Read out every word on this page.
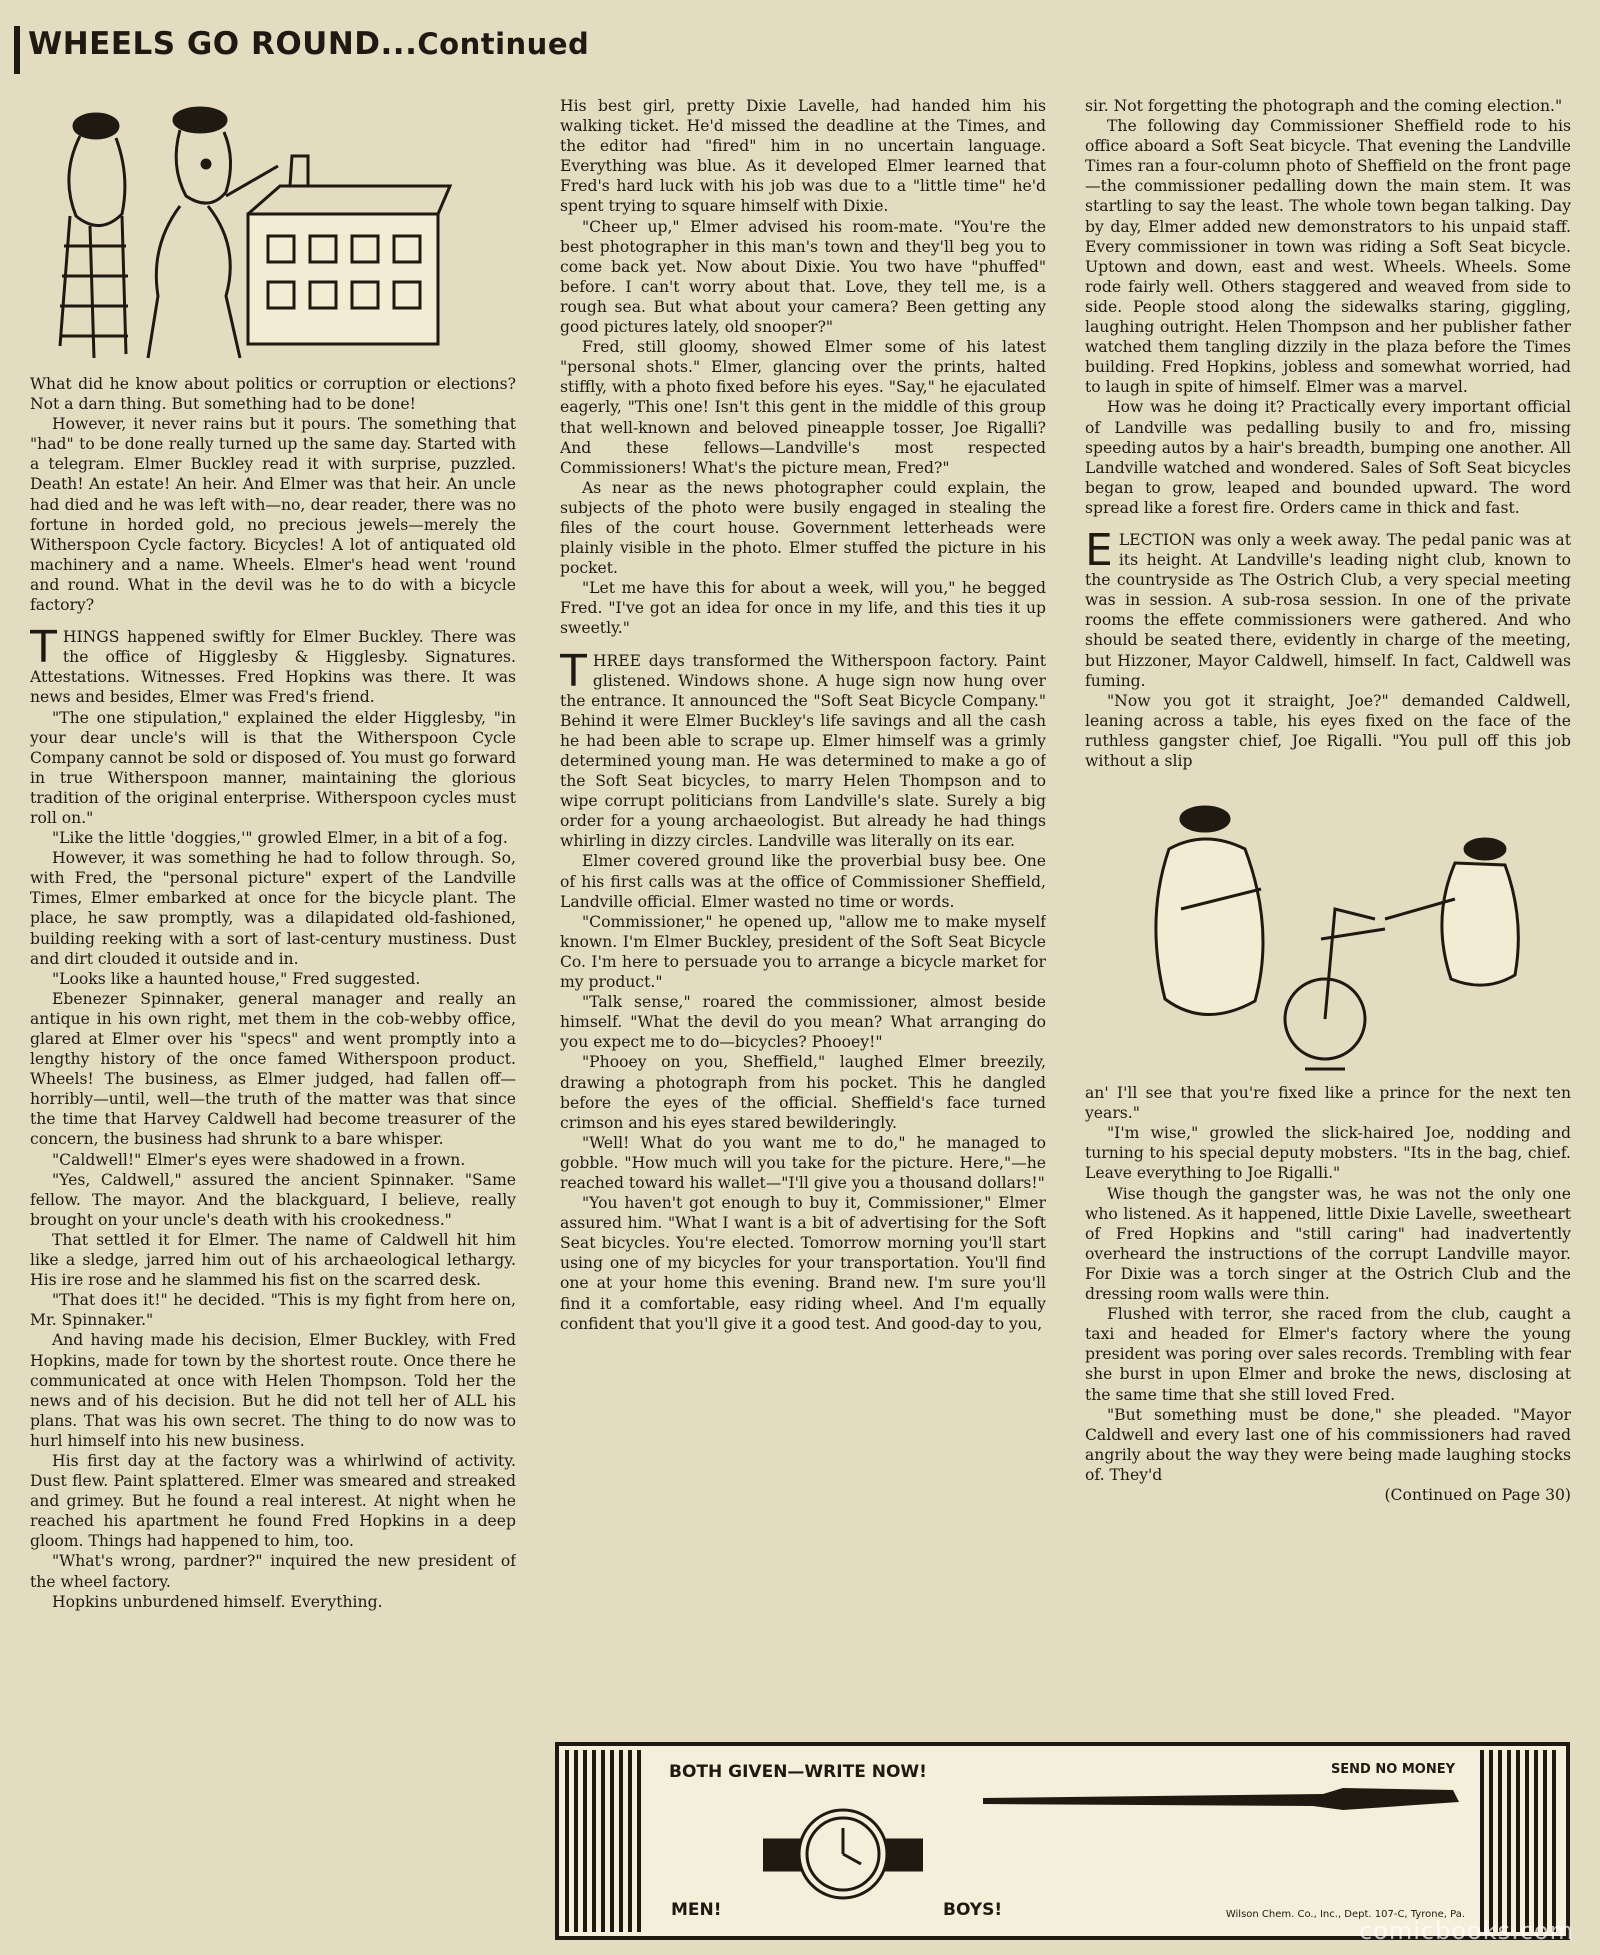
WHEELS GO ROUND...Continued

What did he know about politics or corruption or elections? Not a darn thing. But something had to be done!

However, it never rains but it pours. The something that "had" to be done really turned up the same day. Started with a telegram. Elmer Buckley read it with surprise, puzzled. Death! An estate! An heir. And Elmer was that heir. An uncle had died and he was left with—no, dear reader, there was no fortune in horded gold, no precious jewels—merely the Witherspoon Cycle factory. Bicycles! A lot of antiquated old machinery and a name. Wheels. Elmer's head went 'round and round. What in the devil was he to do with a bicycle factory?

THINGS happened swiftly for Elmer Buckley. There was the office of Higglesby & Higglesby. Signatures. Attestations. Witnesses. Fred Hopkins was there. It was news and besides, Elmer was Fred's friend.

"The one stipulation," explained the elder Higglesby, "in your dear uncle's will is that the Witherspoon Cycle Company cannot be sold or disposed of. You must go forward in true Witherspoon manner, maintaining the glorious tradition of the original enterprise. Witherspoon cycles must roll on."

"Like the little 'doggies,'" growled Elmer, in a bit of a fog.

However, it was something he had to follow through. So, with Fred, the "personal picture" expert of the Landville Times, Elmer embarked at once for the bicycle plant. The place, he saw promptly, was a dilapidated old-fashioned, building reeking with a sort of last-century mustiness. Dust and dirt clouded it outside and in.

"Looks like a haunted house," Fred suggested.

Ebenezer Spinnaker, general manager and really an antique in his own right, met them in the cob-webby office, glared at Elmer over his "specs" and went promptly into a lengthy history of the once famed Witherspoon product. Wheels! The business, as Elmer judged, had fallen off—horribly—until, well—the truth of the matter was that since the time that Harvey Caldwell had become treasurer of the concern, the business had shrunk to a bare whisper.

"Caldwell!" Elmer's eyes were shadowed in a frown.

"Yes, Caldwell," assured the ancient Spinnaker. "Same fellow. The mayor. And the blackguard, I believe, really brought on your uncle's death with his crookedness."

That settled it for Elmer. The name of Caldwell hit him like a sledge, jarred him out of his archaeological lethargy. His ire rose and he slammed his fist on the scarred desk.

"That does it!" he decided. "This is my fight from here on, Mr. Spinnaker."

And having made his decision, Elmer Buckley, with Fred Hopkins, made for town by the shortest route. Once there he communicated at once with Helen Thompson. Told her the news and of his decision. But he did not tell her of ALL his plans. That was his own secret. The thing to do now was to hurl himself into his new business.

His first day at the factory was a whirlwind of activity. Dust flew. Paint splattered. Elmer was smeared and streaked and grimey. But he found a real interest. At night when he reached his apartment he found Fred Hopkins in a deep gloom. Things had happened to him, too.

"What's wrong, pardner?" inquired the new president of the wheel factory.

Hopkins unburdened himself. Everything.

His best girl, pretty Dixie Lavelle, had handed him his walking ticket. He'd missed the deadline at the Times, and the editor had "fired" him in no uncertain language. Everything was blue. As it developed Elmer learned that Fred's hard luck with his job was due to a "little time" he'd spent trying to square himself with Dixie.

"Cheer up," Elmer advised his room-mate. "You're the best photographer in this man's town and they'll beg you to come back yet. Now about Dixie. You two have "phuffed" before. I can't worry about that. Love, they tell me, is a rough sea. But what about your camera? Been getting any good pictures lately, old snooper?"

Fred, still gloomy, showed Elmer some of his latest "personal shots." Elmer, glancing over the prints, halted stiffly, with a photo fixed before his eyes. "Say," he ejaculated eagerly, "This one! Isn't this gent in the middle of this group that well-known and beloved pineapple tosser, Joe Rigalli? And these fellows—Landville's most respected Commissioners! What's the picture mean, Fred?"

As near as the news photographer could explain, the subjects of the photo were busily engaged in stealing the files of the court house. Government letterheads were plainly visible in the photo. Elmer stuffed the picture in his pocket.

"Let me have this for about a week, will you," he begged Fred. "I've got an idea for once in my life, and this ties it up sweetly."

THREE days transformed the Witherspoon factory. Paint glistened. Windows shone. A huge sign now hung over the entrance. It announced the "Soft Seat Bicycle Company." Behind it were Elmer Buckley's life savings and all the cash he had been able to scrape up. Elmer himself was a grimly determined young man. He was determined to make a go of the Soft Seat bicycles, to marry Helen Thompson and to wipe corrupt politicians from Landville's slate. Surely a big order for a young archaeologist. But already he had things whirling in dizzy circles. Landville was literally on its ear.

Elmer covered ground like the proverbial busy bee. One of his first calls was at the office of Commissioner Sheffield, Landville official. Elmer wasted no time or words.

"Commissioner," he opened up, "allow me to make myself known. I'm Elmer Buckley, president of the Soft Seat Bicycle Co. I'm here to persuade you to arrange a bicycle market for my product."

"Talk sense," roared the commissioner, almost beside himself. "What the devil do you mean? What arranging do you expect me to do—bicycles? Phooey!"

"Phooey on you, Sheffield," laughed Elmer breezily, drawing a photograph from his pocket. This he dangled before the eyes of the official. Sheffield's face turned crimson and his eyes stared bewilderingly.

"Well! What do you want me to do," he managed to gobble. "How much will you take for the picture. Here,"—he reached toward his wallet—"I'll give you a thousand dollars!"

"You haven't got enough to buy it, Commissioner," Elmer assured him. "What I want is a bit of advertising for the Soft Seat bicycles. You're elected. Tomorrow morning you'll start using one of my bicycles for your transportation. You'll find one at your home this evening. Brand new. I'm sure you'll find it a comfortable, easy riding wheel. And I'm equally confident that you'll give it a good test. And good-day to you,

sir. Not forgetting the photograph and the coming election."

The following day Commissioner Sheffield rode to his office aboard a Soft Seat bicycle. That evening the Landville Times ran a four-column photo of Sheffield on the front page—the commissioner pedalling down the main stem. It was startling to say the least. The whole town began talking. Day by day, Elmer added new demonstrators to his unpaid staff. Every commissioner in town was riding a Soft Seat bicycle. Uptown and down, east and west. Wheels. Wheels. Some rode fairly well. Others staggered and weaved from side to side. People stood along the sidewalks staring, giggling, laughing outright. Helen Thompson and her publisher father watched them tangling dizzily in the plaza before the Times building. Fred Hopkins, jobless and somewhat worried, had to laugh in spite of himself. Elmer was a marvel.

How was he doing it? Practically every important official of Landville was pedalling busily to and fro, missing speeding autos by a hair's breadth, bumping one another. All Landville watched and wondered. Sales of Soft Seat bicycles began to grow, leaped and bounded upward. The word spread like a forest fire. Orders came in thick and fast.

ELECTION was only a week away. The pedal panic was at its height. At Landville's leading night club, known to the countryside as The Ostrich Club, a very special meeting was in session. A sub-rosa session. In one of the private rooms the effete commissioners were gathered. And who should be seated there, evidently in charge of the meeting, but Hizzoner, Mayor Caldwell, himself. In fact, Caldwell was fuming.

"Now you got it straight, Joe?" demanded Caldwell, leaning across a table, his eyes fixed on the face of the ruthless gangster chief, Joe Rigalli. "You pull off this job without a slip

an' I'll see that you're fixed like a prince for the next ten years."

"I'm wise," growled the slick-haired Joe, nodding and turning to his special deputy mobsters. "Its in the bag, chief. Leave everything to Joe Rigalli."

Wise though the gangster was, he was not the only one who listened. As it happened, little Dixie Lavelle, sweetheart of Fred Hopkins and "still caring" had inadvertently overheard the instructions of the corrupt Landville mayor. For Dixie was a torch singer at the Ostrich Club and the dressing room walls were thin.

Flushed with terror, she raced from the club, caught a taxi and headed for Elmer's factory where the young president was poring over sales records. Trembling with fear she burst in upon Elmer and broke the news, disclosing at the same time that she still loved Fred.

"But something must be done," she pleaded. "Mayor Caldwell and every last one of his commissioners had raved angrily about the way they were being made laughing stocks of. They'd

(Continued on Page 30)

BOTH GIVEN—WRITE NOW!	SEND NO MONEY
MEN!	BOYS!	Wilson Chem. Co., Inc., Dept. 107-C, Tyrone, Pa.
comicbooks.com
